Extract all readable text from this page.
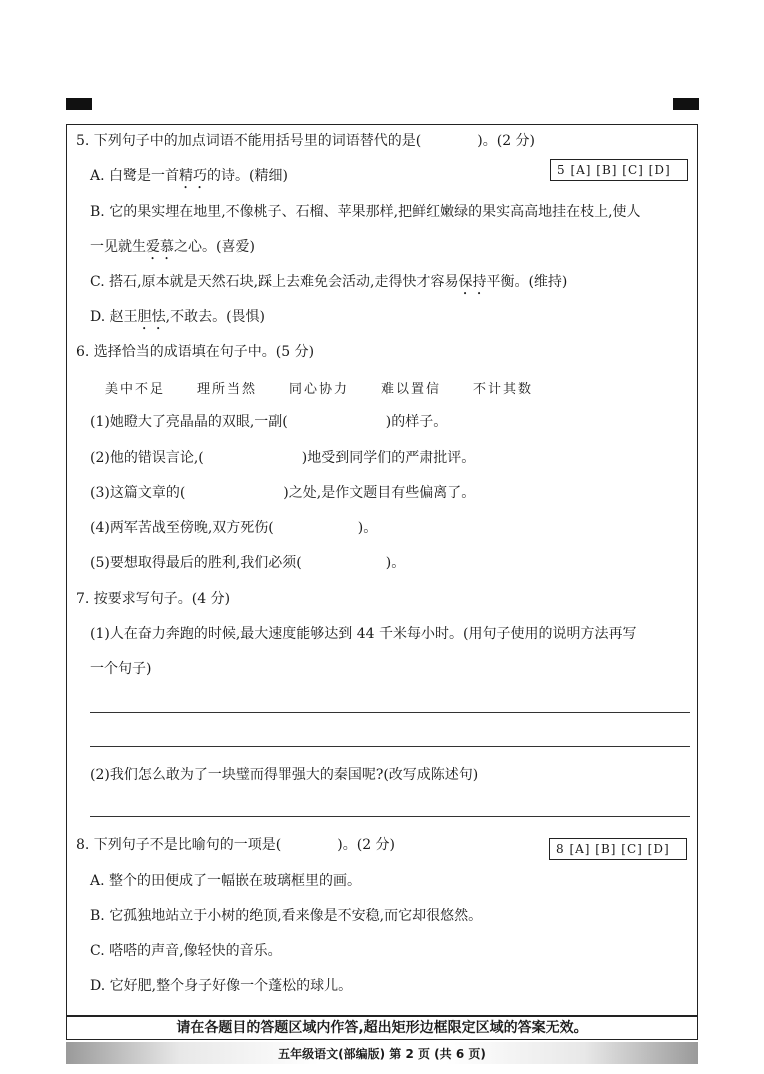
5. 下列句子中的加点词语不能用括号里的词语替代的是(　　　　)。(2 分)
5 [A] [B] [C] [D]
A. 白鹭是一首精巧的诗。(精细)
B. 它的果实埋在地里,不像桃子、石榴、苹果那样,把鲜红嫩绿的果实高高地挂在枝上,使人
一见就生爱慕之心。(喜爱)
C. 搭石,原本就是天然石块,踩上去难免会活动,走得快才容易保持平衡。(维持)
D. 赵王胆怯,不敢去。(畏惧)
6. 选择恰当的成语填在句子中。(5 分)
美中不足	理所当然	同心协力	难以置信	不计其数
(1)她瞪大了亮晶晶的双眼,一副(　　　　　　　)的样子。
(2)他的错误言论,(　　　　　　　)地受到同学们的严肃批评。
(3)这篇文章的(　　　　　　　)之处,是作文题目有些偏离了。
(4)两军苦战至傍晚,双方死伤(　　　　　　)。
(5)要想取得最后的胜利,我们必须(　　　　　　)。
7. 按要求写句子。(4 分)
(1)人在奋力奔跑的时候,最大速度能够达到 44 千米每小时。(用句子使用的说明方法再写
一个句子)
(2)我们怎么敢为了一块璧而得罪强大的秦国呢?(改写成陈述句)
8. 下列句子不是比喻句的一项是(　　　　)。(2 分)	8 [A] [B] [C] [D]
A. 整个的田便成了一幅嵌在玻璃框里的画。
B. 它孤独地站立于小树的绝顶,看来像是不安稳,而它却很悠然。
C. 嗒嗒的声音,像轻快的音乐。
D. 它好肥,整个身子好像一个蓬松的球儿。
请在各题目的答题区域内作答,超出矩形边框限定区域的答案无效。
五年级语文(部编版) 第 2 页 (共 6 页)
